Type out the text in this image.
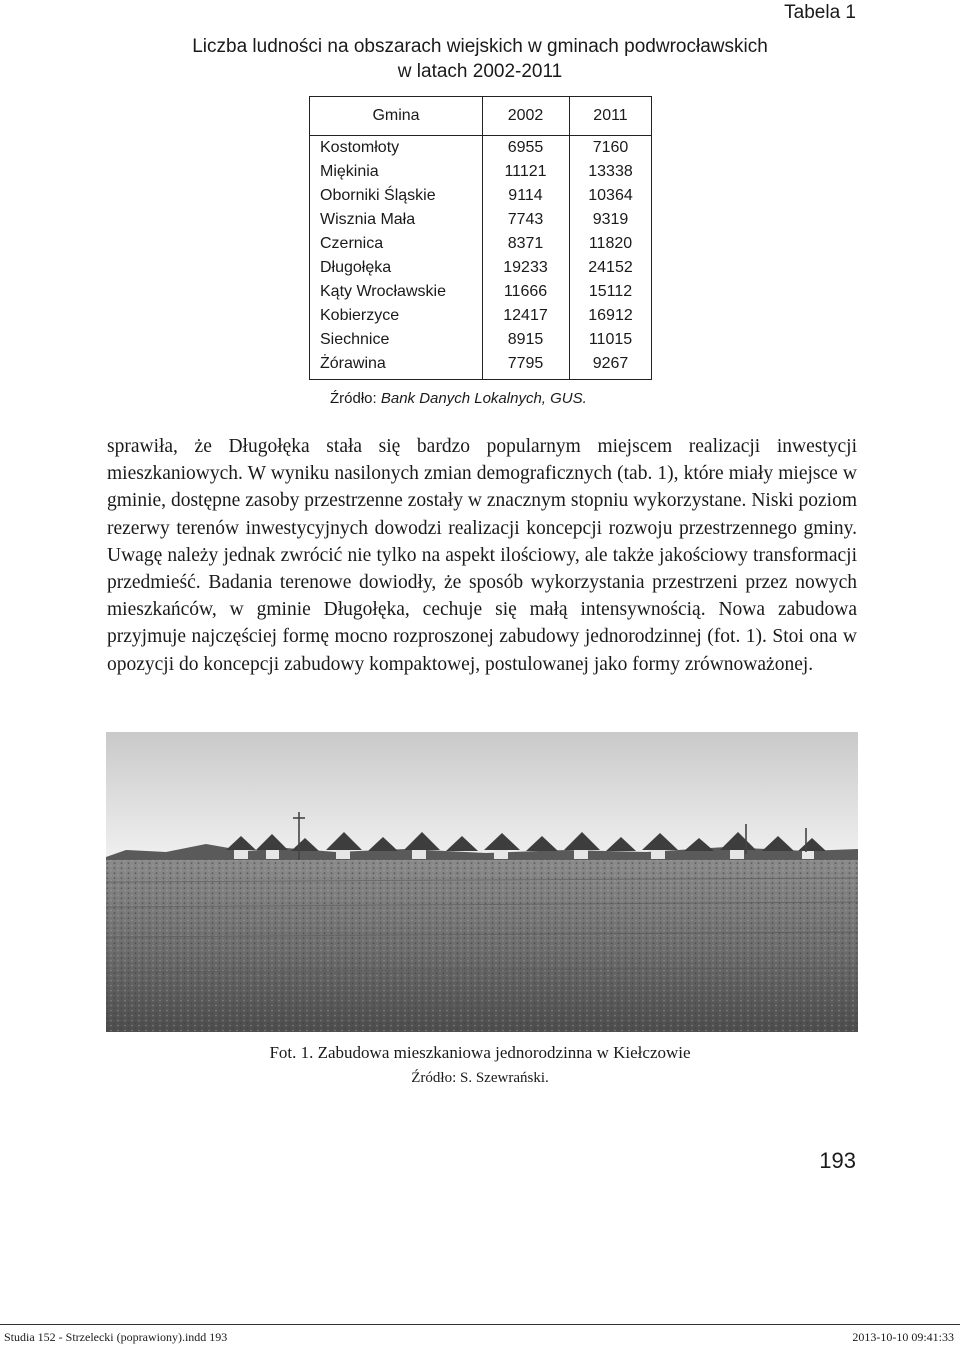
Tabela 1
Liczba ludności na obszarach wiejskich w gminach podwrocławskich
w latach 2002-2011
Gmina	2002	2011
Kostomłoty	6955	7160
Miękinia	11121	13338
Oborniki Śląskie	9114	10364
Wisznia Mała	7743	9319
Czernica	8371	11820
Długołęka	19233	24152
Kąty Wrocławskie	11666	15112
Kobierzyce	12417	16912
Siechnice	8915	11015
Żórawina	7795	9267
Źródło: Bank Danych Lokalnych, GUS.

sprawiła, że Długołęka stała się bardzo popularnym miejscem realizacji inwestycji mieszkaniowych. W wyniku nasilonych zmian demograficznych (tab. 1), które miały miejsce w gminie, dostępne zasoby przestrzenne zostały w znacznym stopniu wykorzystane. Niski poziom rezerwy terenów inwestycyjnych dowodzi realizacji koncepcji rozwoju przestrzennego gminy. Uwagę należy jednak zwrócić nie tylko na aspekt ilościowy, ale także jakościowy transformacji przedmieść. Badania terenowe dowiodły, że sposób wykorzystania przestrzeni przez nowych mieszkańców, w gminie Długołęka, cechuje się małą intensywnością. Nowa zabudowa przyjmuje najczęściej formę mocno rozproszonej zabudowy jednorodzinnej (fot. 1). Stoi ona w opozycji do koncepcji zabudowy kompaktowej, postulowanej jako formy zrównoważonej.

Fot. 1. Zabudowa mieszkaniowa jednorodzinna w Kiełczowie
Źródło: S. Szewrański.
193
Studia 152 - Strzelecki (poprawiony).indd 193	2013-10-10 09:41:33
